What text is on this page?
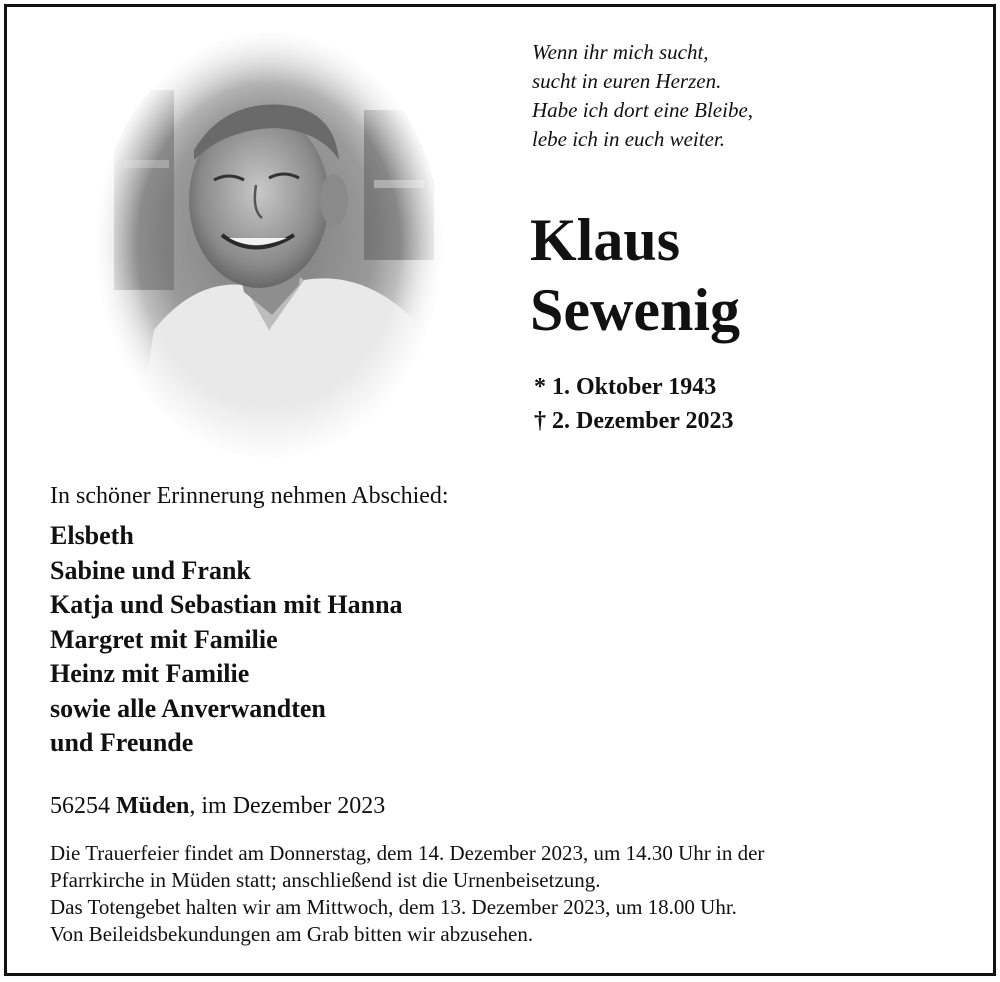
Wenn ihr mich sucht,
sucht in euren Herzen.
Habe ich dort eine Bleibe,
lebe ich in euch weiter.
Klaus
Sewenig
* 1. Oktober 1943
† 2. Dezember 2023
In schöner Erinnerung nehmen Abschied:
Elsbeth
Sabine und Frank
Katja und Sebastian mit Hanna
Margret mit Familie
Heinz mit Familie
sowie alle Anverwandten
und Freunde
56254 Müden, im Dezember 2023
Die Trauerfeier findet am Donnerstag, dem 14. Dezember 2023, um 14.30 Uhr in der
Pfarrkirche in Müden statt; anschließend ist die Urnenbeisetzung.
Das Totengebet halten wir am Mittwoch, dem 13. Dezember 2023, um 18.00 Uhr.
Von Beileidsbekundungen am Grab bitten wir abzusehen.
